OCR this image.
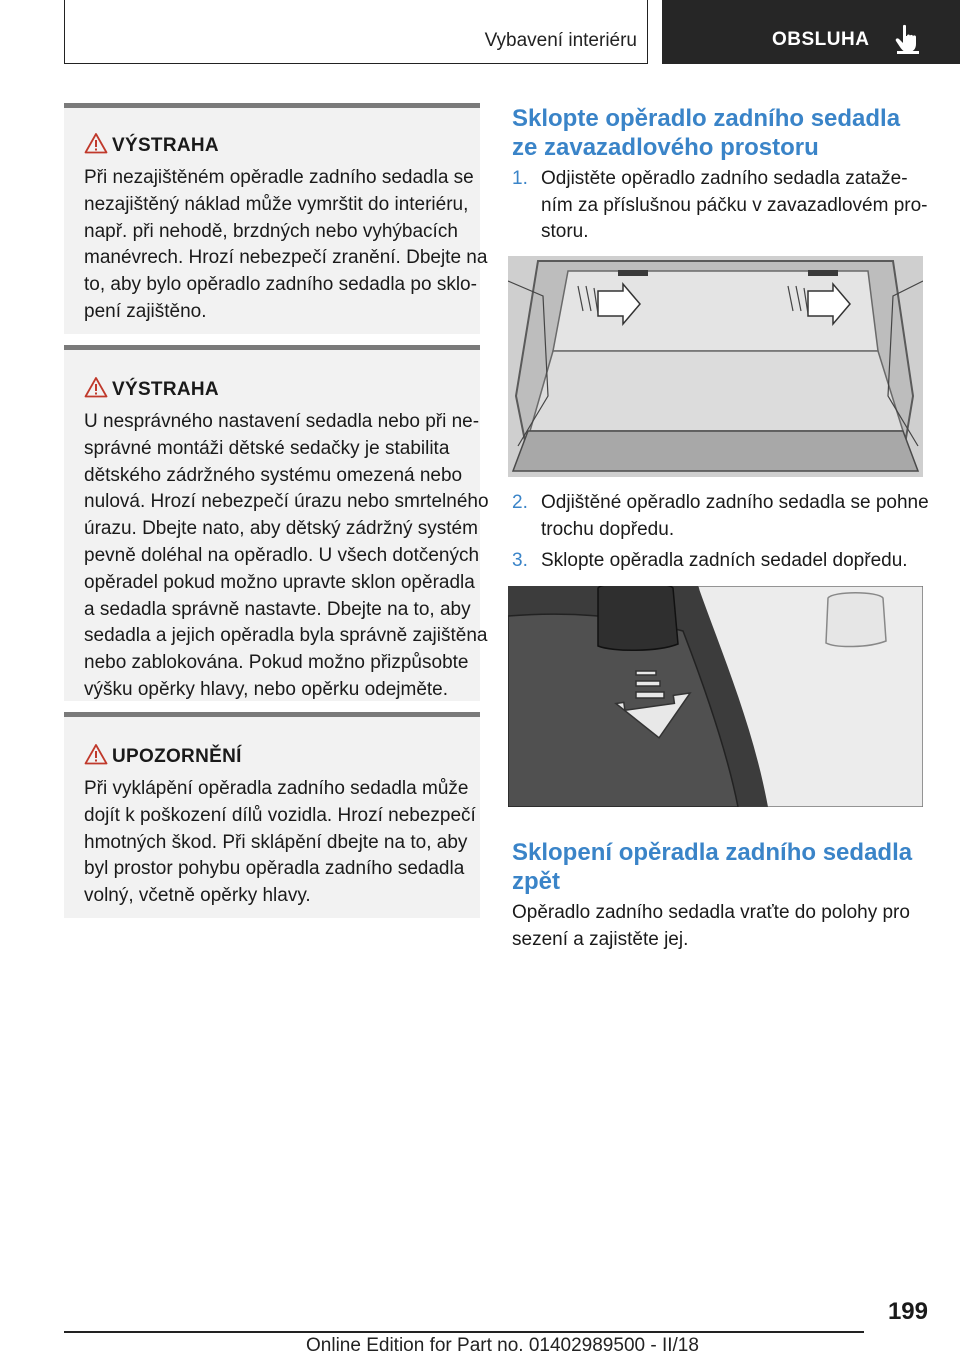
Vybavení interiéru	OBSLUHA
VÝSTRAHA
Při nezajištěném opěradle zadního sedadla se
nezajištěný náklad může vymrštit do interiéru,
např. při nehodě, brzdných nebo vyhýbacích
manévrech. Hrozí nebezpečí zranění. Dbejte na
to, aby bylo opěradlo zadního sedadla po sklo‐
pení zajištěno.
VÝSTRAHA
U nesprávného nastavení sedadla nebo při ne‐
správné montáži dětské sedačky je stabilita
dětského zádržného systému omezená nebo
nulová. Hrozí nebezpečí úrazu nebo smrtelného
úrazu. Dbejte nato, aby dětský zádržný systém
pevně doléhal na opěradlo. U všech dotčených
opěradel pokud možno upravte sklon opěradla
a sedadla správně nastavte. Dbejte na to, aby
sedadla a jejich opěradla byla správně zajištěna
nebo zablokována. Pokud možno přizpůsobte
výšku opěrky hlavy, nebo opěrku odejměte.
UPOZORNĚNÍ
Při vyklápění opěradla zadního sedadla může
dojít k poškození dílů vozidla. Hrozí nebezpečí
hmotných škod. Při sklápění dbejte na to, aby
byl prostor pohybu opěradla zadního sedadla
volný, včetně opěrky hlavy.
Sklopte opěradlo zadního sedadla
ze zavazadlového prostoru
1. Odjistěte opěradlo zadního sedadla zataže‐
ním za příslušnou páčku v zavazadlovém pro‐
storu.
2. Odjištěné opěradlo zadního sedadla se pohne
trochu dopředu.
3. Sklopte opěradla zadních sedadel dopředu.
Sklopení opěradla zadního sedadla
zpět
Opěradlo zadního sedadla vraťte do polohy pro
sezení a zajistěte jej.
199
Online Edition for Part no. 01402989500 - II/18
